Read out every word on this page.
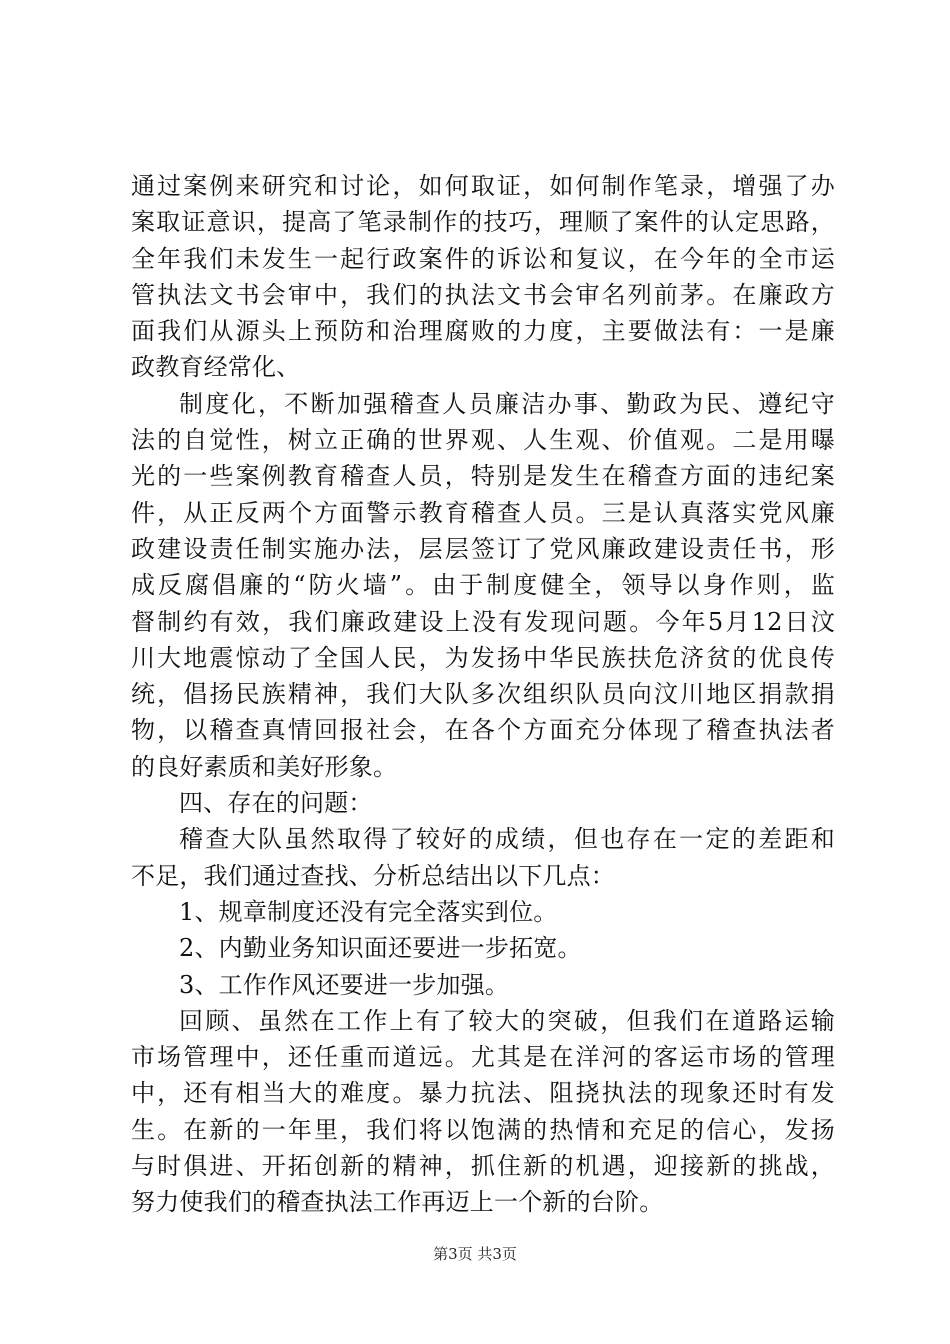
通过案例来研究和讨论，如何取证，如何制作笔录，增强了办
案取证意识，提高了笔录制作的技巧，理顺了案件的认定思路，
全年我们未发生一起行政案件的诉讼和复议，在今年的全市运
管执法文书会审中，我们的执法文书会审名列前茅。在廉政方
面我们从源头上预防和治理腐败的力度，主要做法有：一是廉
政教育经常化、
制度化，不断加强稽查人员廉洁办事、勤政为民、遵纪守
法的自觉性，树立正确的世界观、人生观、价值观。二是用曝
光的一些案例教育稽查人员，特别是发生在稽查方面的违纪案
件，从正反两个方面警示教育稽查人员。三是认真落实党风廉
政建设责任制实施办法，层层签订了党风廉政建设责任书，形
成反腐倡廉的“防火墙”。由于制度健全，领导以身作则，监
督制约有效，我们廉政建设上没有发现问题。今年5月12日汶
川大地震惊动了全国人民，为发扬中华民族扶危济贫的优良传
统，倡扬民族精神，我们大队多次组织队员向汶川地区捐款捐
物，以稽查真情回报社会，在各个方面充分体现了稽查执法者
的良好素质和美好形象。
四、存在的问题：
稽查大队虽然取得了较好的成绩，但也存在一定的差距和
不足，我们通过查找、分析总结出以下几点：
1、规章制度还没有完全落实到位。
2、内勤业务知识面还要进一步拓宽。
3、工作作风还要进一步加强。
回顾、虽然在工作上有了较大的突破，但我们在道路运输
市场管理中，还任重而道远。尤其是在洋河的客运市场的管理
中，还有相当大的难度。暴力抗法、阻挠执法的现象还时有发
生。在新的一年里，我们将以饱满的热情和充足的信心，发扬
与时俱进、开拓创新的精神，抓住新的机遇，迎接新的挑战，
努力使我们的稽查执法工作再迈上一个新的台阶。
第3页 共3页
